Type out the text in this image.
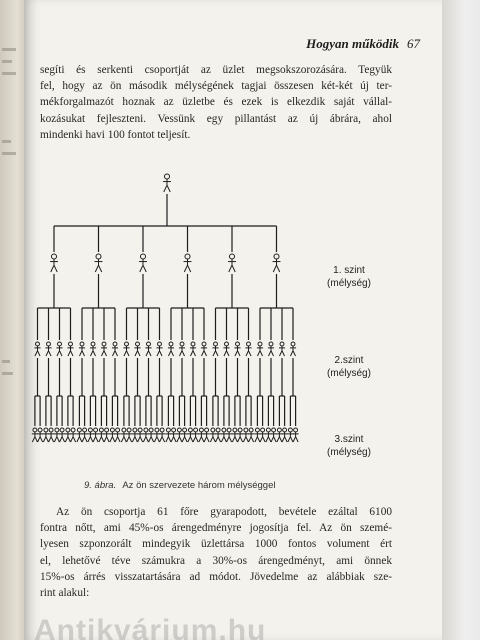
Hogyan működik 67

segíti és serkenti csoportját az üzlet megsokszorozására. Tegyük
fel, hogy az ön második mélységének tagjai összesen két-két új ter-
mékforgalmazót hoznak az üzletbe és ezek is elkezdik saját vállal-
kozásukat fejleszteni. Vessünk egy pillantást az új ábrára, ahol
mindenki havi 100 fontot teljesít.

1. szint
(mélység)
2.szint
(mélység)
3.szint
(mélység)
9. ábra. Az ön szervezete három mélységgel

Az ön csoportja 61 főre gyarapodott, bevétele ezáltal 6100
fontra nőtt, ami 45%-os árengedményre jogosítja fel. Az ön szemé-
lyesen szponzorált mindegyik üzlettársa 1000 fontos volument ért
el, lehetővé téve számukra a 30%-os árengedményt, ami önnek
15%-os árrés visszatartására ad módot. Jövedelme az alábbiak sze-
rint alakul:

Antikvárium.hu
